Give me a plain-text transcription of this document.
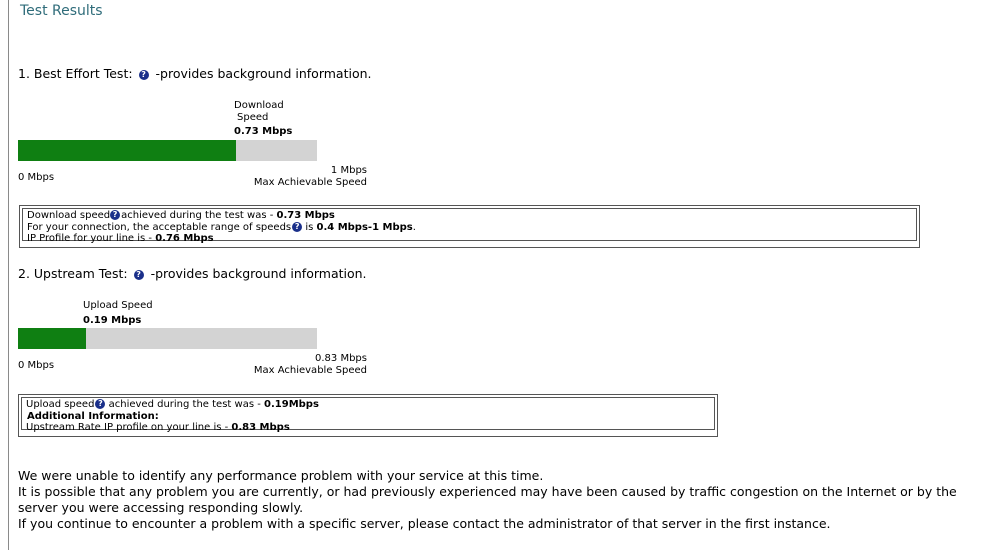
Test Results
1. Best Effort Test: ? -provides background information.
Download
Speed
0.73 Mbps
0 Mbps
1 Mbps
Max Achievable Speed
Download speed ? achieved during the test was - 0.73 Mbps
For your connection, the acceptable range of speeds ? is 0.4 Mbps-1 Mbps.
IP Profile for your line is - 0.76 Mbps
2. Upstream Test: ? -provides background information.
Upload Speed
0.19 Mbps
0 Mbps
0.83 Mbps
Max Achievable Speed
Upload speed ? achieved during the test was - 0.19Mbps
Additional Information:
Upstream Rate IP profile on your line is - 0.83 Mbps

We were unable to identify any performance problem with your service at this time.

It is possible that any problem you are currently, or had previously experienced may have been caused by traffic congestion on the Internet or by the server you were accessing responding slowly.

If you continue to encounter a problem with a specific server, please contact the administrator of that server in the first instance.
